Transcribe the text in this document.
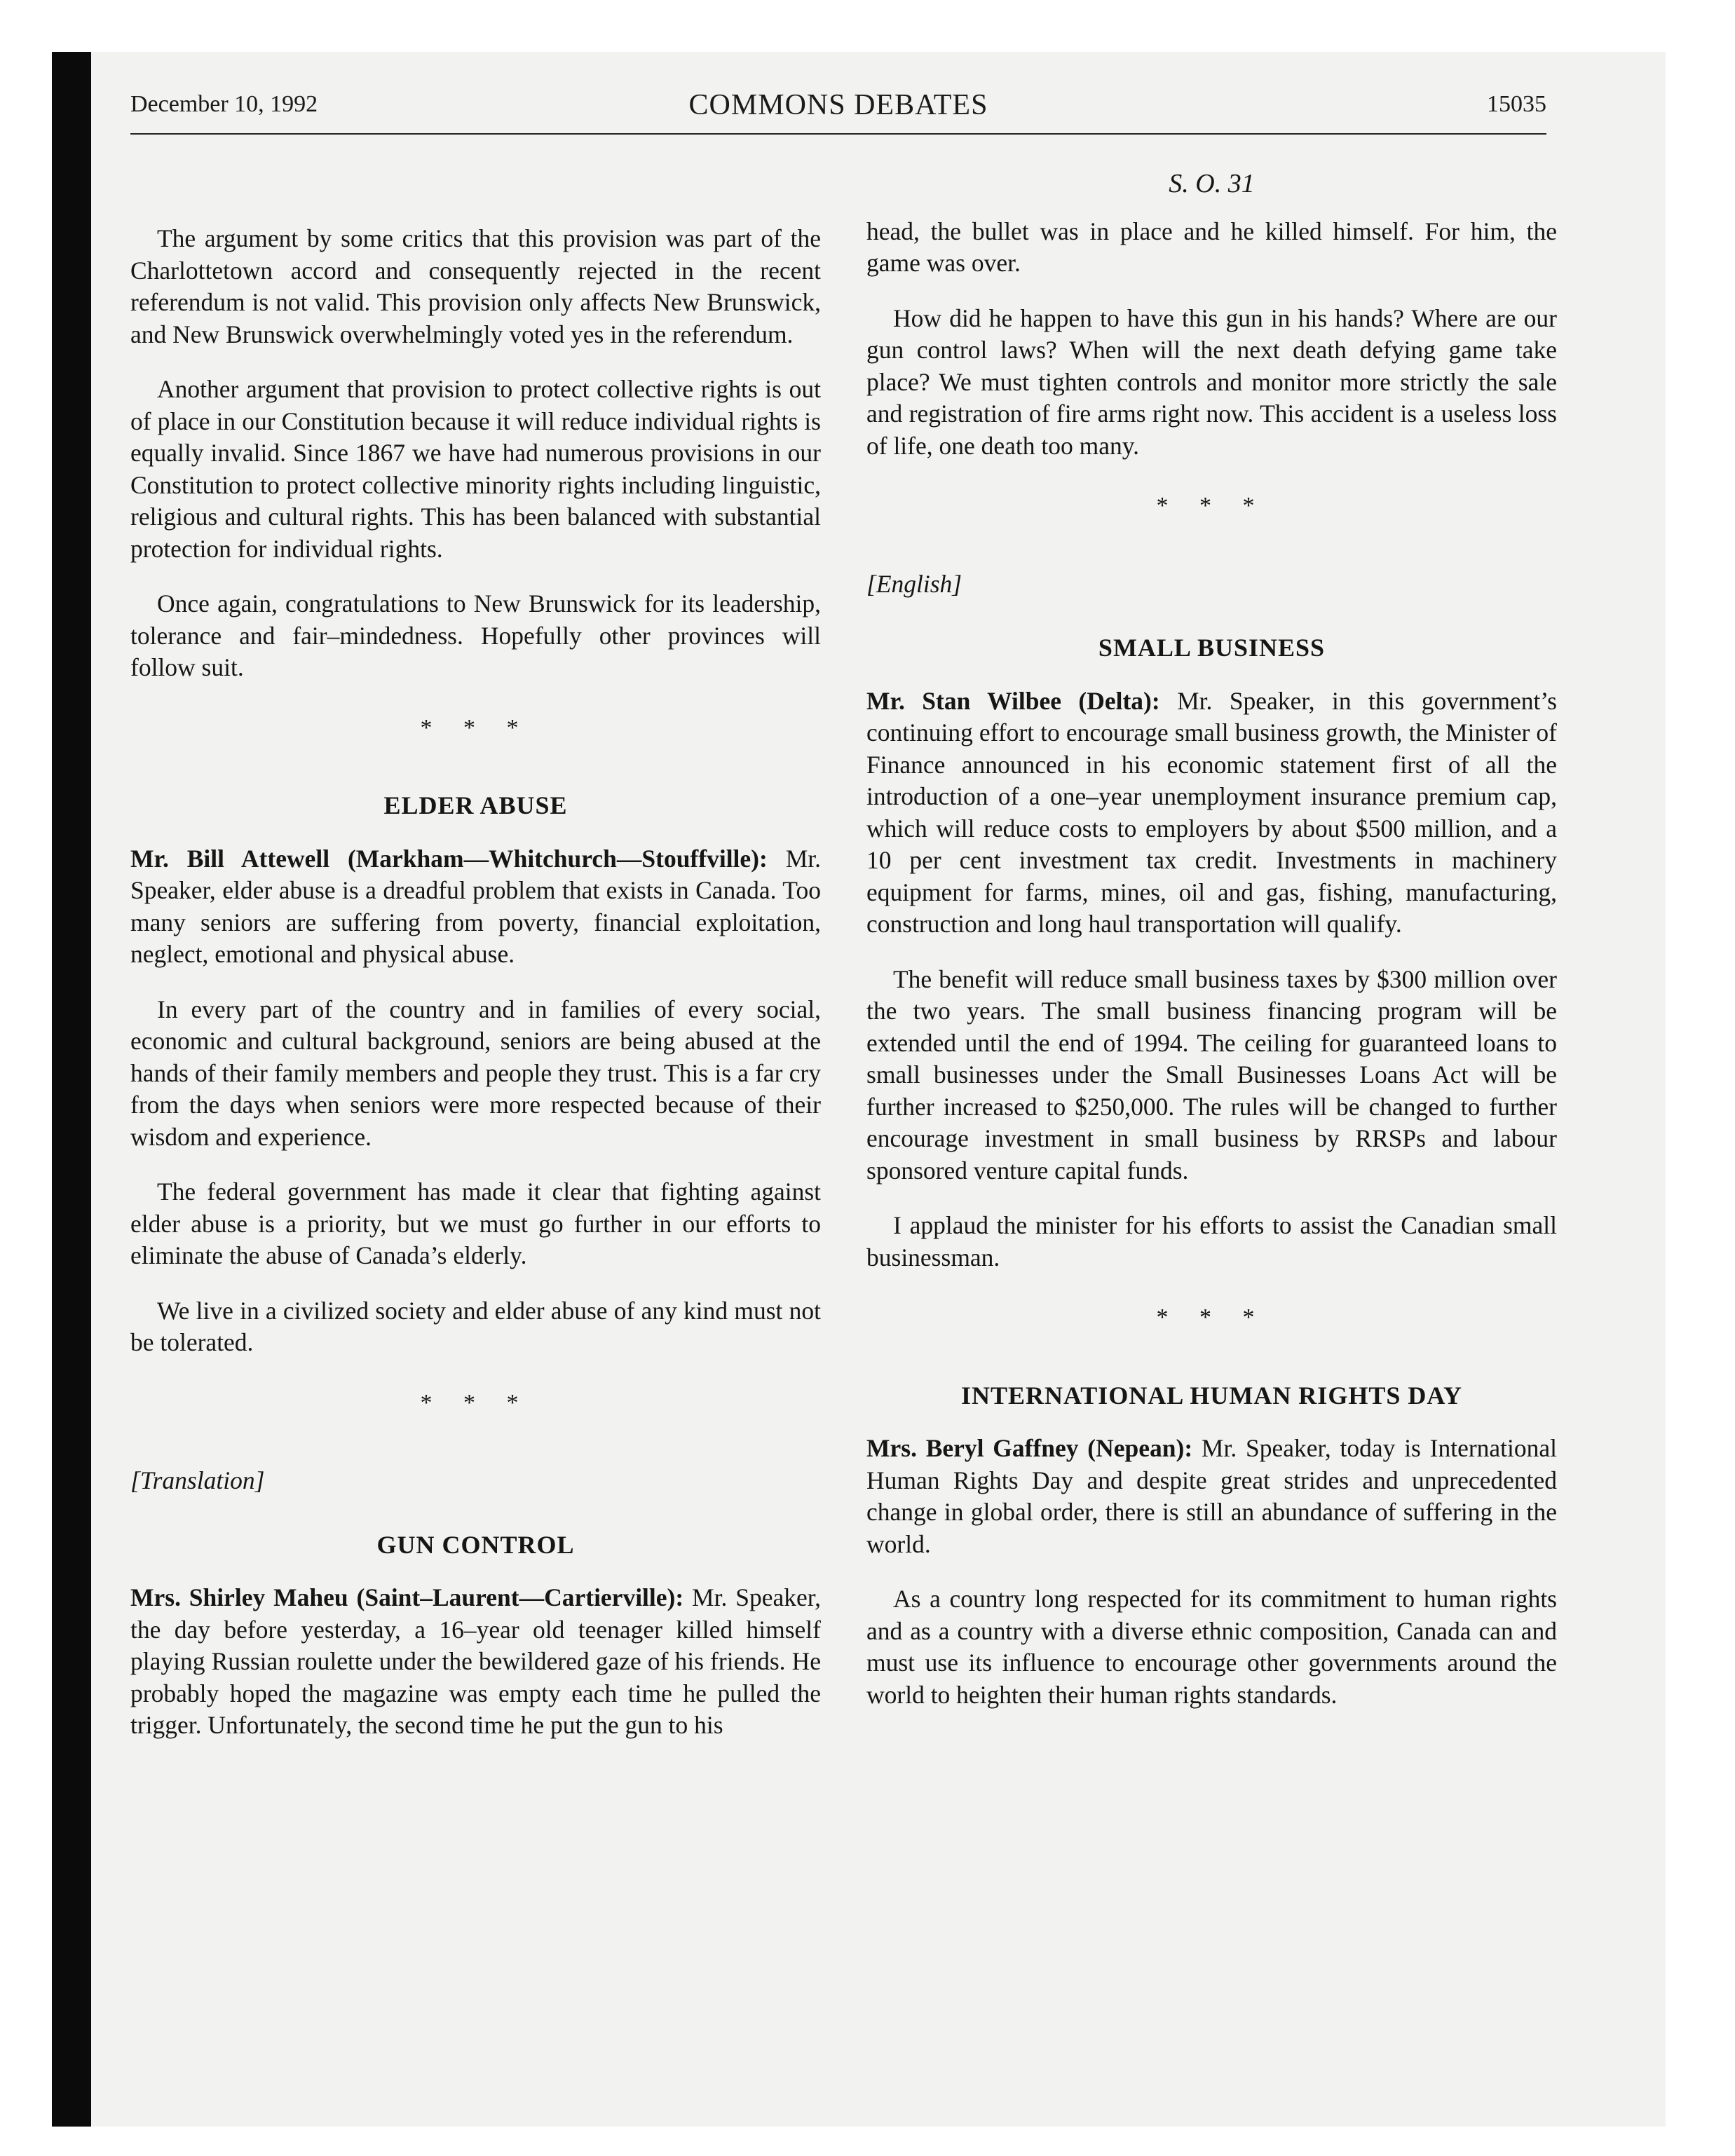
December 10, 1992	COMMONS DEBATES	15035

The argument by some critics that this provision was part of the Charlottetown accord and consequently rejected in the recent referendum is not valid. This provision only affects New Brunswick, and New Brunswick overwhelmingly voted yes in the referendum.

Another argument that provision to protect collective rights is out of place in our Constitution because it will reduce individual rights is equally invalid. Since 1867 we have had numerous provisions in our Constitution to protect collective minority rights including linguistic, religious and cultural rights. This has been balanced with substantial protection for individual rights.

Once again, congratulations to New Brunswick for its leadership, tolerance and fair–mindedness. Hopefully other provinces will follow suit.

* * *
ELDER ABUSE

Mr. Bill Attewell (Markham—Whitchurch—Stouffville): Mr. Speaker, elder abuse is a dreadful problem that exists in Canada. Too many seniors are suffering from poverty, financial exploitation, neglect, emotional and physical abuse.

In every part of the country and in families of every social, economic and cultural background, seniors are being abused at the hands of their family members and people they trust. This is a far cry from the days when seniors were more respected because of their wisdom and experience.

The federal government has made it clear that fighting against elder abuse is a priority, but we must go further in our efforts to eliminate the abuse of Canada’s elderly.

We live in a civilized society and elder abuse of any kind must not be tolerated.

* * *
[Translation]
GUN CONTROL

Mrs. Shirley Maheu (Saint–Laurent—Cartierville): Mr. Speaker, the day before yesterday, a 16–year old teenager killed himself playing Russian roulette under the bewildered gaze of his friends. He probably hoped the magazine was empty each time he pulled the trigger. Unfortunately, the second time he put the gun to his

S. O. 31

head, the bullet was in place and he killed himself. For him, the game was over.

How did he happen to have this gun in his hands? Where are our gun control laws? When will the next death defying game take place? We must tighten controls and monitor more strictly the sale and registration of fire arms right now. This accident is a useless loss of life, one death too many.

* * *
[English]
SMALL BUSINESS

Mr. Stan Wilbee (Delta): Mr. Speaker, in this government’s continuing effort to encourage small business growth, the Minister of Finance announced in his economic statement first of all the introduction of a one–year unemployment insurance premium cap, which will reduce costs to employers by about $500 million, and a 10 per cent investment tax credit. Investments in machinery equipment for farms, mines, oil and gas, fishing, manufacturing, construction and long haul transportation will qualify.

The benefit will reduce small business taxes by $300 million over the two years. The small business financing program will be extended until the end of 1994. The ceiling for guaranteed loans to small businesses under the Small Businesses Loans Act will be further increased to $250,000. The rules will be changed to further encourage investment in small business by RRSPs and labour sponsored venture capital funds.

I applaud the minister for his efforts to assist the Canadian small businessman.

* * *
INTERNATIONAL HUMAN RIGHTS DAY

Mrs. Beryl Gaffney (Nepean): Mr. Speaker, today is International Human Rights Day and despite great strides and unprecedented change in global order, there is still an abundance of suffering in the world.

As a country long respected for its commitment to human rights and as a country with a diverse ethnic composition, Canada can and must use its influence to encourage other governments around the world to heighten their human rights standards.
